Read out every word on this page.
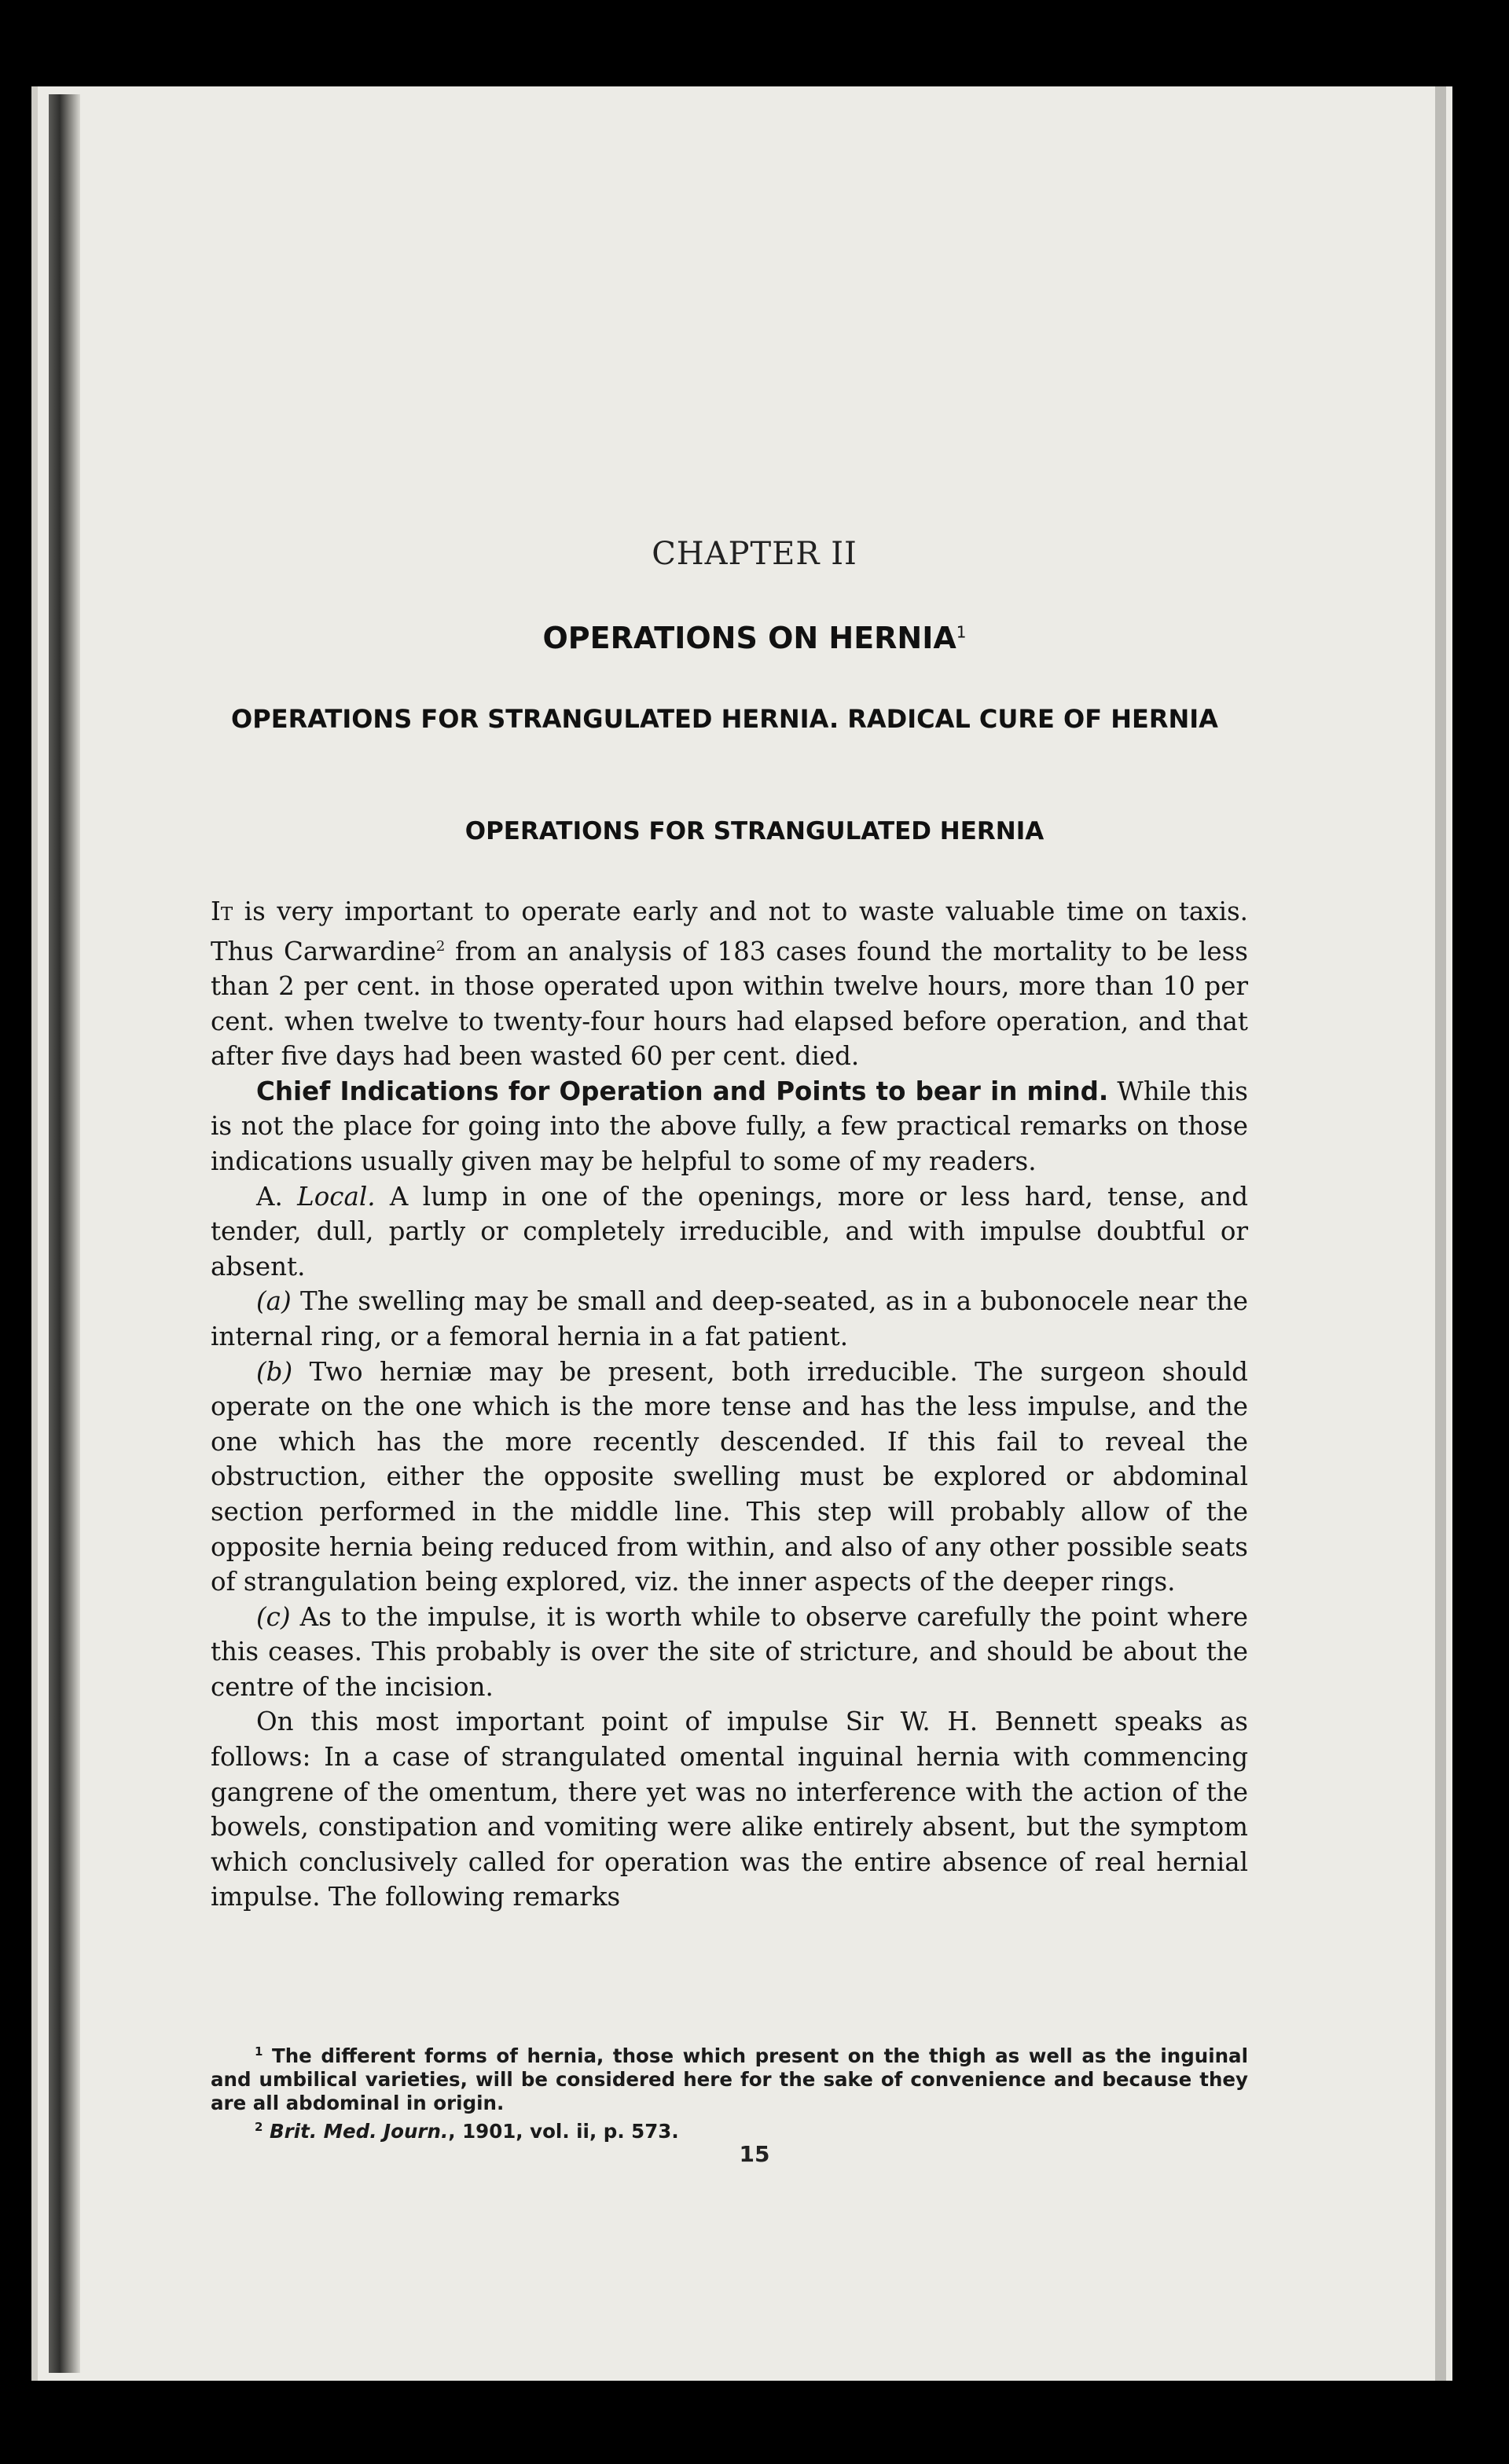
CHAPTER II
OPERATIONS ON HERNIA$^1$
OPERATIONS FOR STRANGULATED HERNIA. RADICAL CURE OF HERNIA
OPERATIONS FOR STRANGULATED HERNIA

It is very important to operate early and not to waste valuable time on taxis. Thus Carwardine$^2$ from an analysis of 183 cases found the mortality to be less than 2 per cent. in those operated upon within twelve hours, more than 10 per cent. when twelve to twenty-four hours had elapsed before operation, and that after five days had been wasted 60 per cent. died.

Chief Indications for Operation and Points to bear in mind. While this is not the place for going into the above fully, a few practical remarks on those indications usually given may be helpful to some of my readers.

A. Local. A lump in one of the openings, more or less hard, tense, and tender, dull, partly or completely irreducible, and with impulse doubtful or absent.

(a) The swelling may be small and deep-seated, as in a bubonocele near the internal ring, or a femoral hernia in a fat patient.

(b) Two herniæ may be present, both irreducible. The surgeon should operate on the one which is the more tense and has the less impulse, and the one which has the more recently descended. If this fail to reveal the obstruction, either the opposite swelling must be explored or abdominal section performed in the middle line. This step will probably allow of the opposite hernia being reduced from within, and also of any other possible seats of strangulation being explored, viz. the inner aspects of the deeper rings.

(c) As to the impulse, it is worth while to observe carefully the point where this ceases. This probably is over the site of stricture, and should be about the centre of the incision.

On this most important point of impulse Sir W. H. Bennett speaks as follows: In a case of strangulated omental inguinal hernia with commencing gangrene of the omentum, there yet was no interference with the action of the bowels, constipation and vomiting were alike entirely absent, but the symptom which conclusively called for operation was the entire absence of real hernial impulse. The following remarks

$^1$ The different forms of hernia, those which present on the thigh as well as the inguinal and umbilical varieties, will be considered here for the sake of convenience and because they are all abdominal in origin.

$^2$ Brit. Med. Journ., 1901, vol. ii, p. 573.

15
